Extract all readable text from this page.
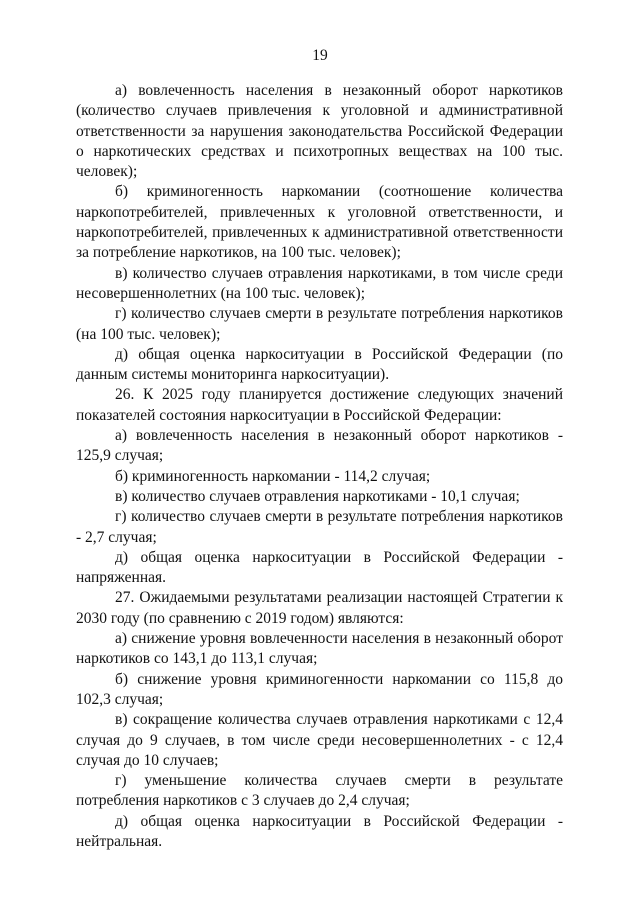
19

а) вовлеченность населения в незаконный оборот наркотиков (количество случаев привлечения к уголовной и административной ответственности за нарушения законодательства Российской Федерации о наркотических средствах и психотропных веществах на 100 тыс. человек);

б) криминогенность наркомании (соотношение количества наркопотребителей, привлеченных к уголовной ответственности, и наркопотребителей, привлеченных к административной ответственности за потребление наркотиков, на 100 тыс. человек);

в) количество случаев отравления наркотиками, в том числе среди несовершеннолетних (на 100 тыс. человек);

г) количество случаев смерти в результате потребления наркотиков (на 100 тыс. человек);

д) общая оценка наркоситуации в Российской Федерации (по данным системы мониторинга наркоситуации).

26. К 2025 году планируется достижение следующих значений показателей состояния наркоситуации в Российской Федерации:

а) вовлеченность населения в незаконный оборот наркотиков - 125,9 случая;

б) криминогенность наркомании - 114,2 случая;

в) количество случаев отравления наркотиками - 10,1 случая;

г) количество случаев смерти в результате потребления наркотиков - 2,7 случая;

д) общая оценка наркоситуации в Российской Федерации - напряженная.

27. Ожидаемыми результатами реализации настоящей Стратегии к 2030 году (по сравнению с 2019 годом) являются:

а) снижение уровня вовлеченности населения в незаконный оборот наркотиков со 143,1 до 113,1 случая;

б) снижение уровня криминогенности наркомании со 115,8 до 102,3 случая;

в) сокращение количества случаев отравления наркотиками с 12,4 случая до 9 случаев, в том числе среди несовершеннолетних - с 12,4 случая до 10 случаев;

г) уменьшение количества случаев смерти в результате потребления наркотиков с 3 случаев до 2,4 случая;

д) общая оценка наркоситуации в Российской Федерации - нейтральная.
